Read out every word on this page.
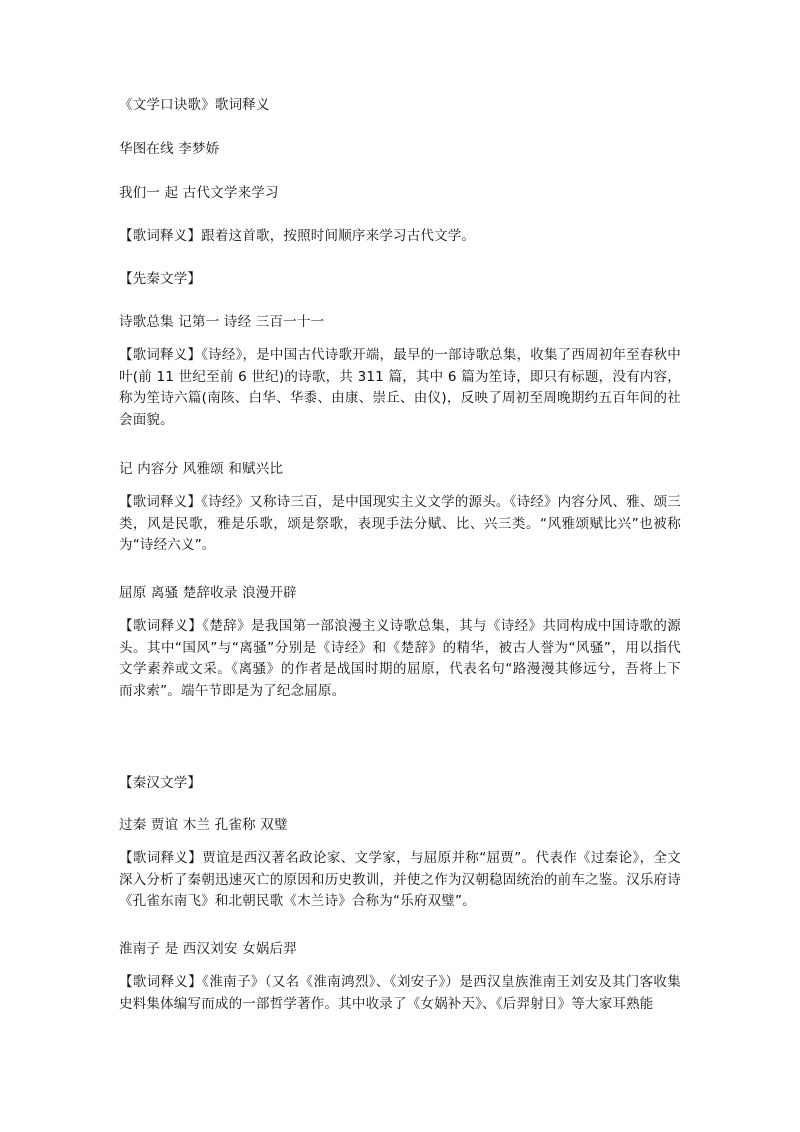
《文学口诀歌》歌词释义

华图在线 李梦娇

我们一 起 古代文学来学习

【歌词释义】跟着这首歌，按照时间顺序来学习古代文学。

【先秦文学】

诗歌总集 记第一 诗经 三百一十一

【歌词释义】《诗经》，是中国古代诗歌开端，最早的一部诗歌总集，收集了西周初年至春秋中叶(前 11 世纪至前 6 世纪)的诗歌，共 311 篇，其中 6 篇为笙诗，即只有标题，没有内容，称为笙诗六篇(南陔、白华、华黍、由康、崇丘、由仪)，反映了周初至周晚期约五百年间的社会面貌。

记 内容分 风雅颂 和赋兴比

【歌词释义】《诗经》又称诗三百，是中国现实主义文学的源头。《诗经》内容分风、雅、颂三类，风是民歌，雅是乐歌，颂是祭歌，表现手法分赋、比、兴三类。“风雅颂赋比兴”也被称为“诗经六义”。

屈原 离骚 楚辞收录 浪漫开辟

【歌词释义】《楚辞》是我国第一部浪漫主义诗歌总集，其与《诗经》共同构成中国诗歌的源头。其中“国风”与“离骚”分别是《诗经》和《楚辞》的精华，被古人誉为“风骚”，用以指代文学素养或文采。《离骚》的作者是战国时期的屈原，代表名句“路漫漫其修远兮，吾将上下而求索”。端午节即是为了纪念屈原。

【秦汉文学】

过秦 贾谊 木兰 孔雀称 双璧

【歌词释义】贾谊是西汉著名政论家、文学家，与屈原并称“屈贾”。代表作《过秦论》，全文深入分析了秦朝迅速灭亡的原因和历史教训，并使之作为汉朝稳固统治的前车之鉴。汉乐府诗《孔雀东南飞》和北朝民歌《木兰诗》合称为“乐府双璧”。

淮南子 是 西汉刘安 女娲后羿

【歌词释义】《淮南子》（又名《淮南鸿烈》、《刘安子》）是西汉皇族淮南王刘安及其门客收集史料集体编写而成的一部哲学著作。其中收录了《女娲补天》、《后羿射日》等大家耳熟能
